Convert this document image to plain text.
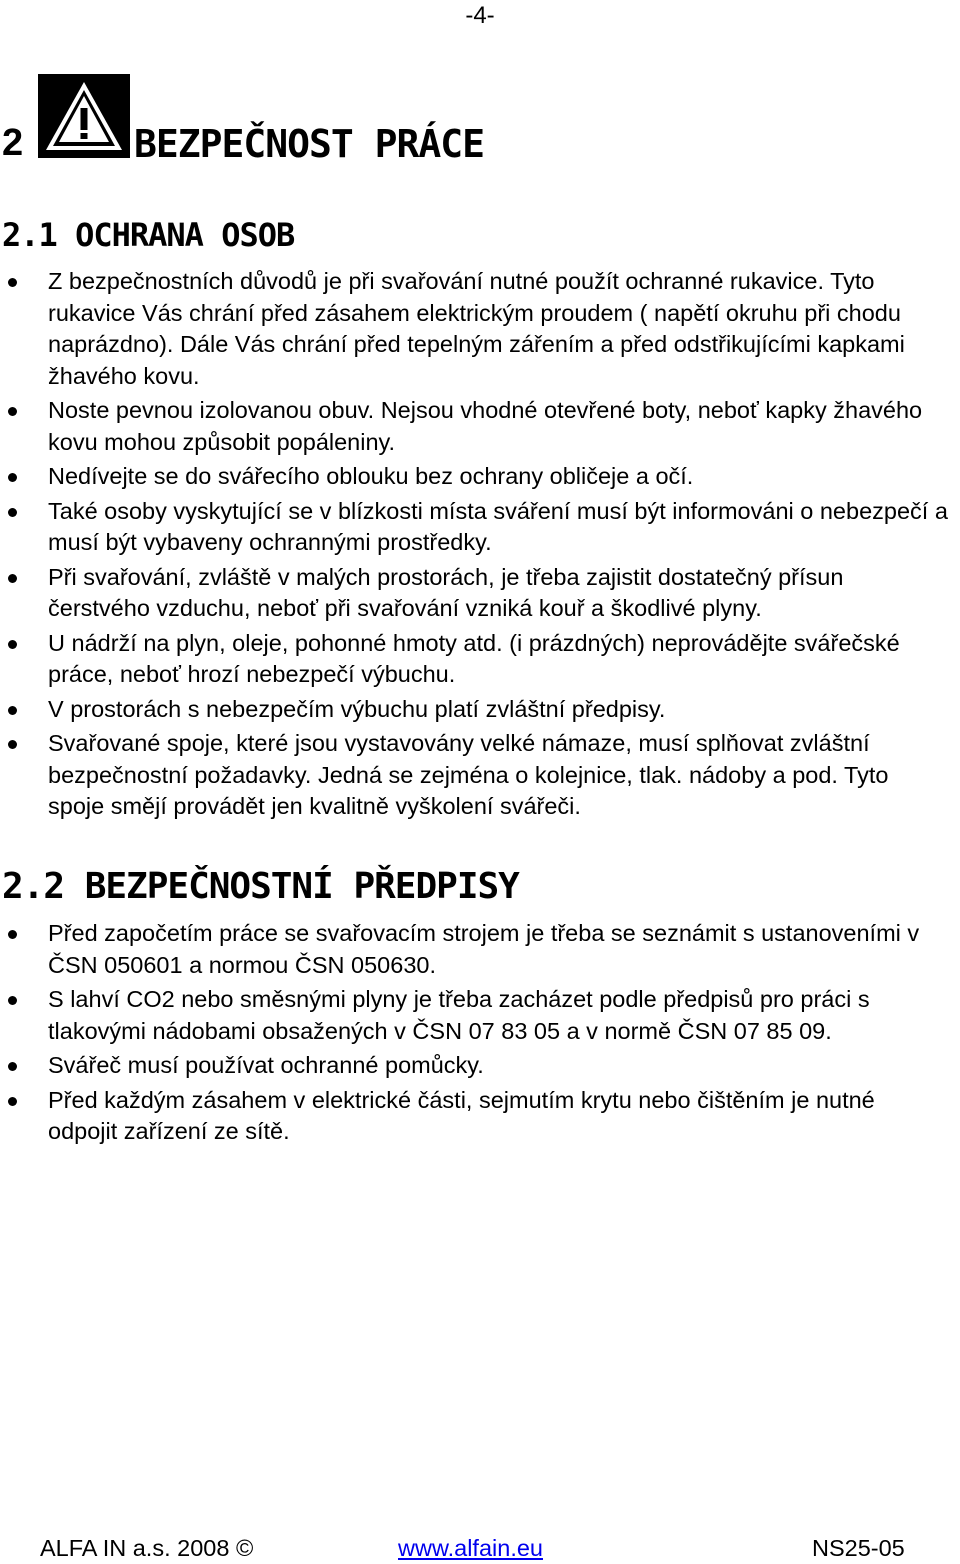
-4-
2	BEZPEČNOST PRÁCE
2.1 OCHRANA OSOB
Z bezpečnostních důvodů je při svařování nutné použít ochranné rukavice. Tyto rukavice Vás chrání před zásahem elektrickým proudem ( napětí okruhu při chodu naprázdno). Dále Vás chrání před tepelným zářením a před odstřikujícími kapkami žhavého kovu.
Noste pevnou izolovanou obuv. Nejsou vhodné otevřené boty, neboť kapky žhavého kovu mohou způsobit popáleniny.
Nedívejte se do svářecího oblouku bez ochrany obličeje a očí.
Také osoby vyskytující se v blízkosti místa sváření musí být informováni o nebezpečí a musí být vybaveny ochrannými prostředky.
Při svařování, zvláště v malých prostorách, je třeba zajistit dostatečný přísun čerstvého vzduchu, neboť při svařování vzniká kouř a škodlivé plyny.
U nádrží na plyn, oleje, pohonné hmoty atd. (i prázdných) neprovádějte svářečské práce, neboť hrozí nebezpečí výbuchu.
V prostorách s nebezpečím výbuchu platí zvláštní předpisy.
Svařované spoje, které jsou vystavovány velké námaze, musí splňovat zvláštní bezpečnostní požadavky. Jedná se zejména o kolejnice, tlak. nádoby a pod. Tyto spoje smějí provádět jen kvalitně vyškolení svářeči.
2.2 BEZPEČNOSTNÍ PŘEDPISY
Před započetím práce se svařovacím strojem je třeba se seznámit s ustanoveními v ČSN 050601 a normou ČSN 050630.
S lahví CO2 nebo směsnými plyny je třeba zacházet podle předpisů pro práci s tlakovými nádobami obsažených v ČSN 07 83 05 a v normě ČSN 07 85 09.
Svářeč musí používat ochranné pomůcky.
Před každým zásahem v elektrické části, sejmutím krytu nebo čištěním je nutné odpojit zařízení ze sítě.
ALFA IN a.s. 2008 ©	www.alfain.eu	NS25-05
